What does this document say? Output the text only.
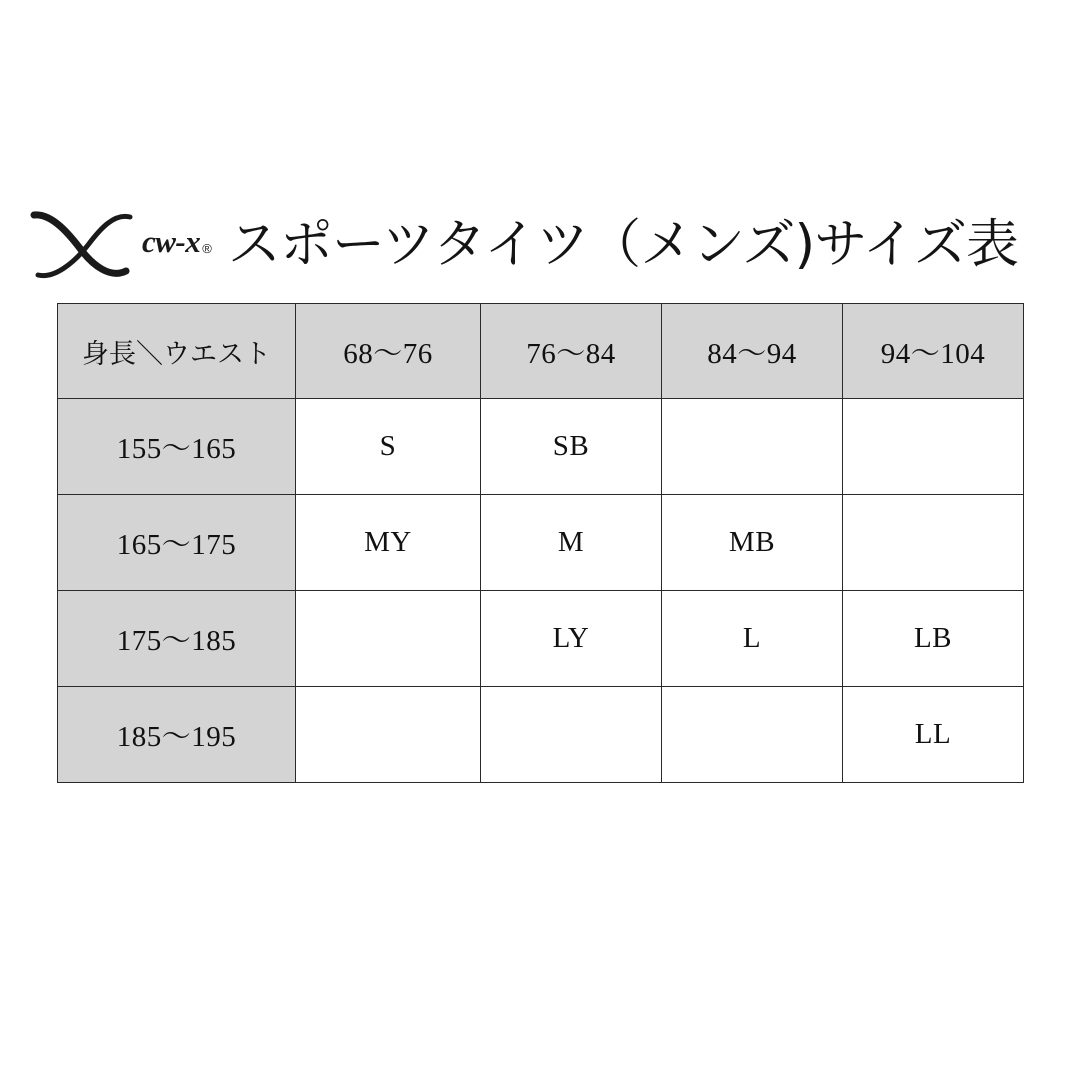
cw-x ® スポーツタイツ（メンズ)サイズ表
身長＼ウエスト	68〜76	76〜84	84〜94	94〜104
155〜165	S	SB		
165〜175	MY	M	MB	
175〜185		LY	L	LB
185〜195				LL
